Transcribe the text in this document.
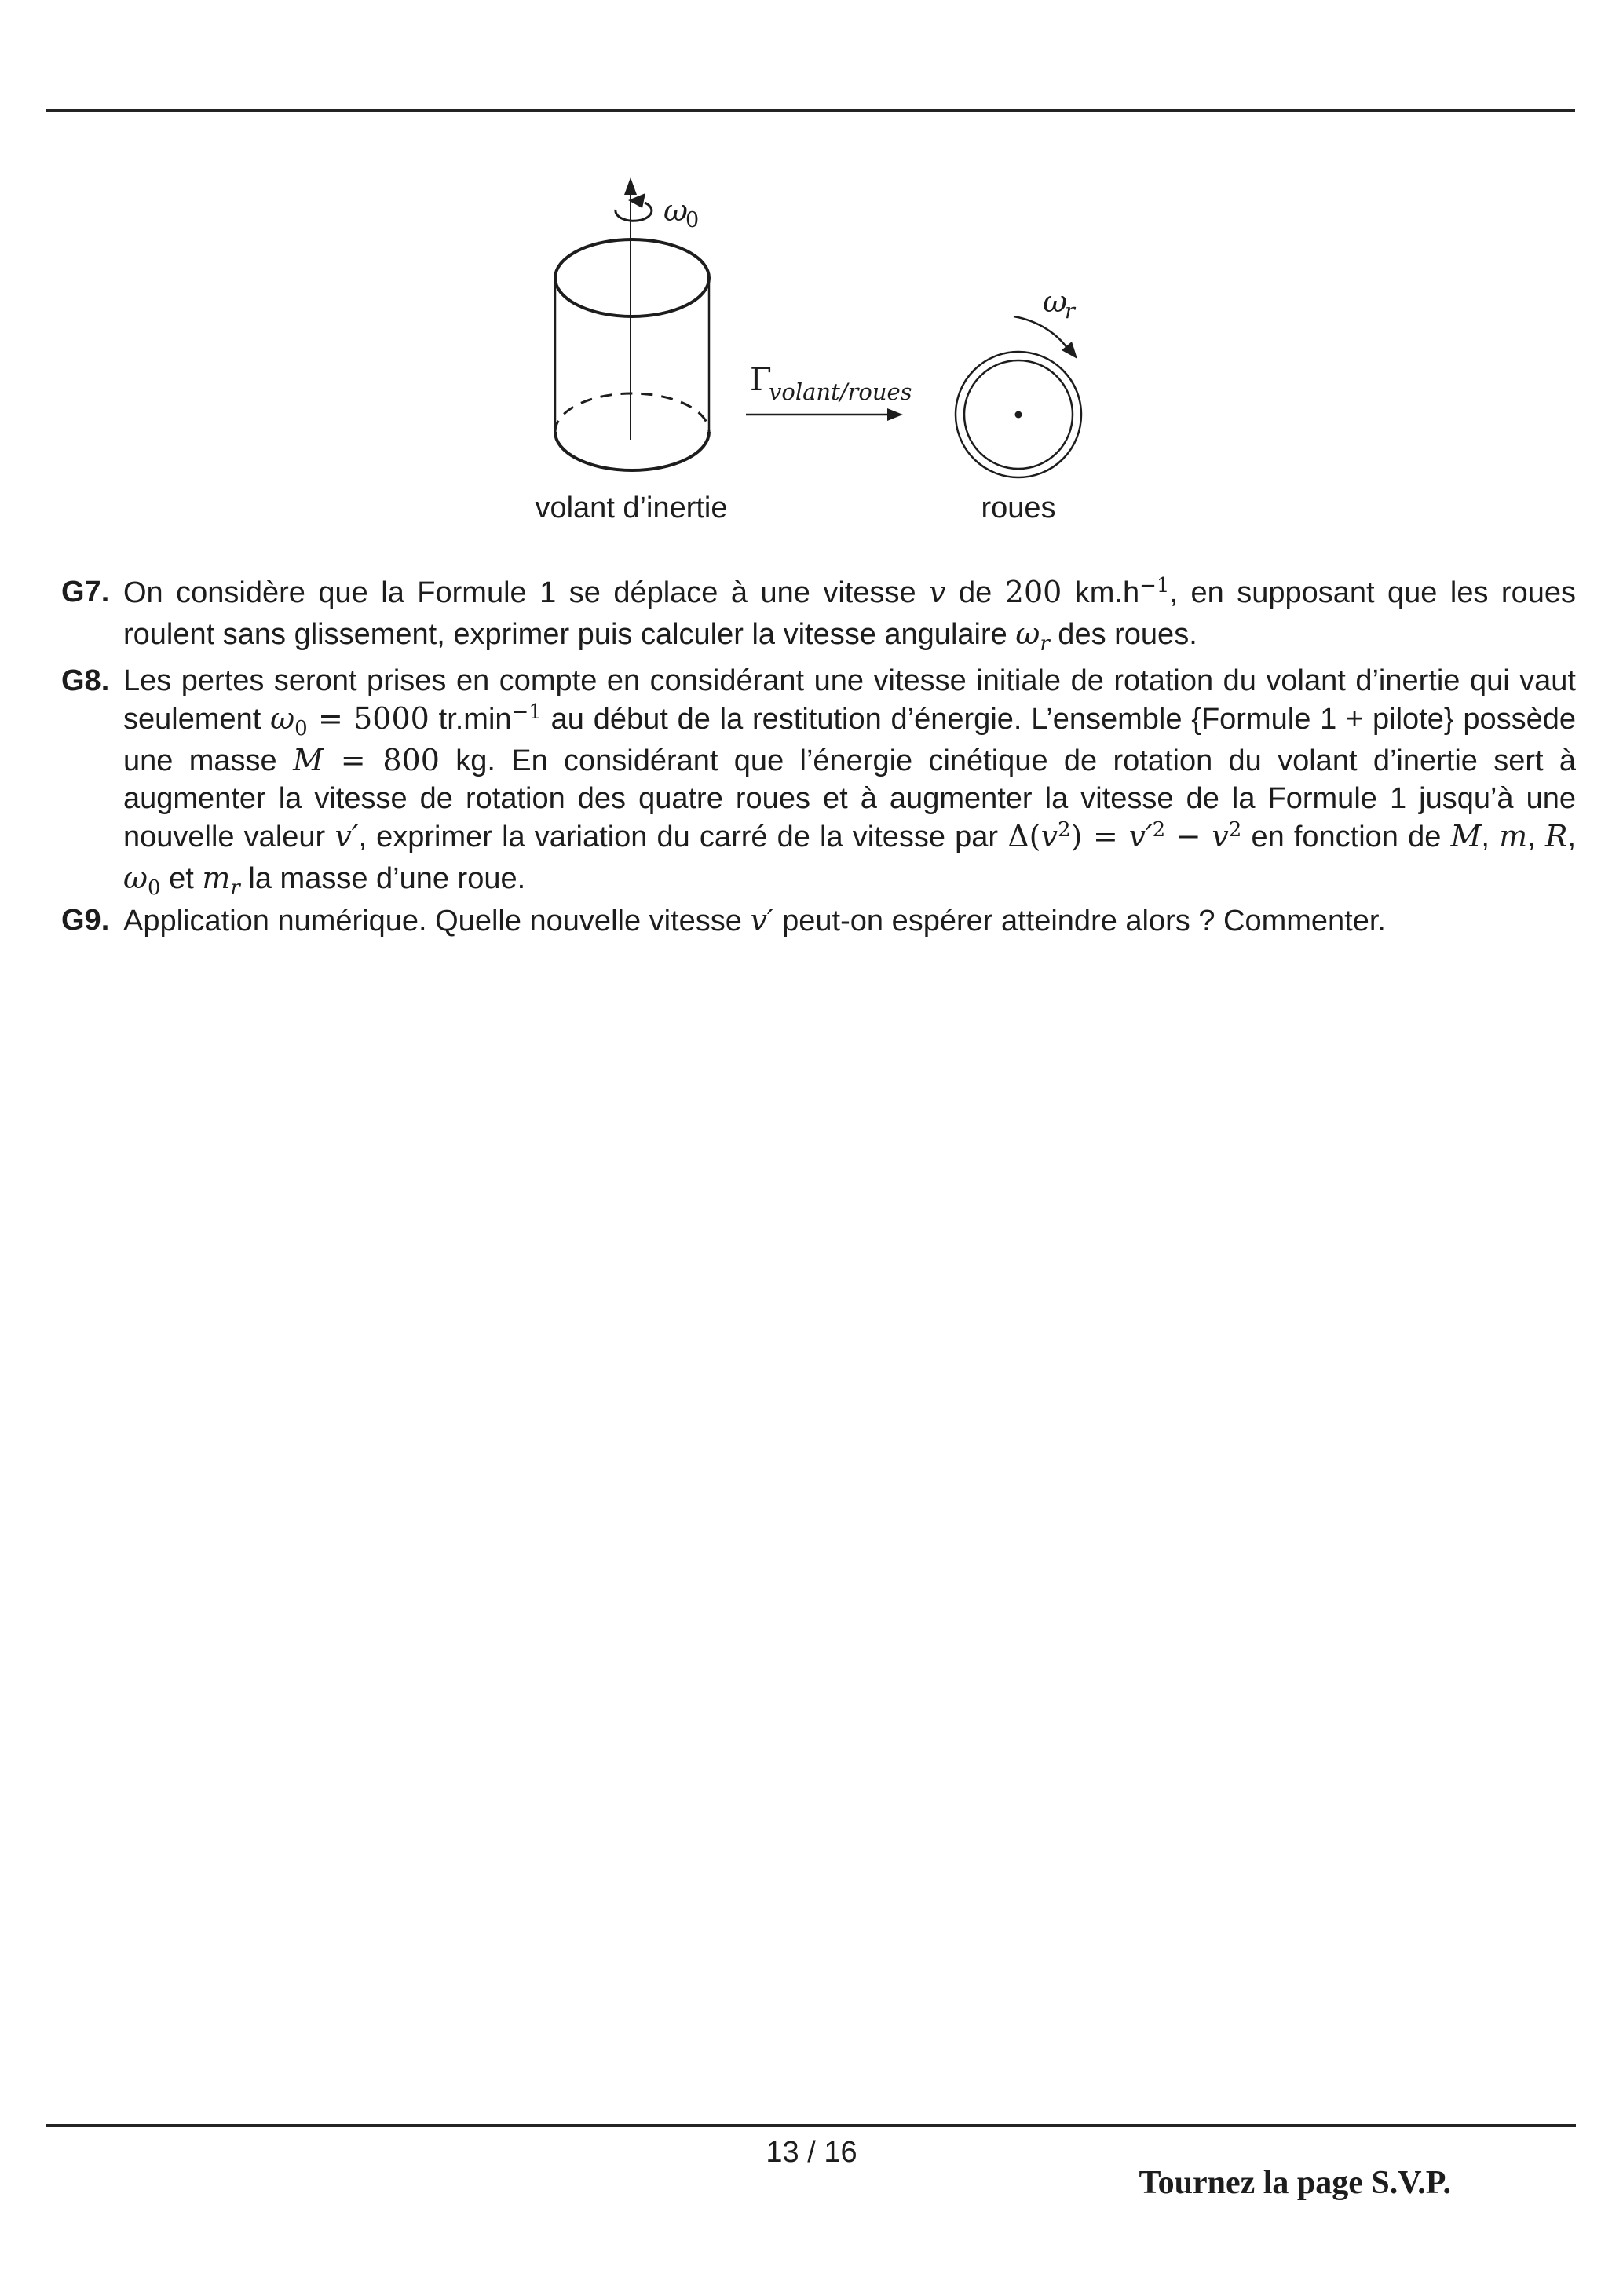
ω
0
Γ
volant/roues
ω
r
volant d’inertie	roues
G7. On considère que la Formule 1 se déplace à une vitesse v de 200 $km.h^{-1}$, en supposant que les roues roulent sans glissement, exprimer puis calculer la vitesse angulaire $\omega_r$ des roues.
G8. Les pertes seront prises en compte en considérant une vitesse initiale de rotation du volant d’inertie qui vaut seulement $\omega_0 = 5000$ $tr.\min^{-1}$ au début de la restitution d’énergie. L’ensemble {Formule 1 + pilote} possède une masse M = 800 kg. En considérant que l’énergie cinétique de rotation du volant d’inertie sert à augmenter la vitesse de rotation des quatre roues et à augmenter la vitesse de la Formule 1 jusqu’à une nouvelle valeur v′, exprimer la variation du carré de la vitesse par $\Delta(v^2) = v'^2 - v^2$ en fonction de M, m, R, $\omega_0$ et $m_r$ la masse d’une roue.
G9. Application numérique. Quelle nouvelle vitesse v′ peut-on espérer atteindre alors ? Commenter.
13 / 16
Tournez la page S.V.P.
